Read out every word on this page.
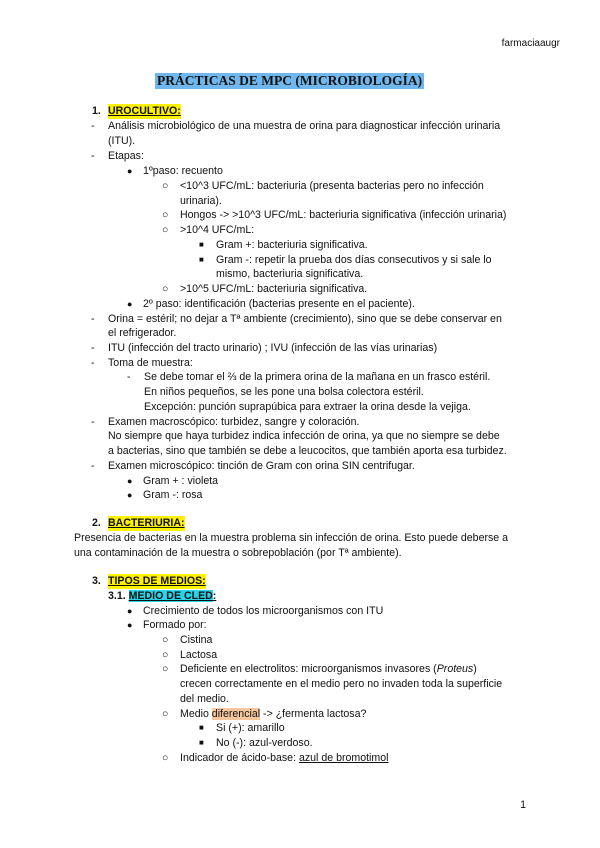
farmaciaaugr
PRÁCTICAS DE MPC (MICROBIOLOGÍA)
1. UROCULTIVO:
- Análisis microbiológico de una muestra de orina para diagnosticar infección urinaria
(ITU).
- Etapas:
● 1ºpaso: recuento
○ <10^3 UFC/mL: bacteriuria (presenta bacterias pero no infección
urinaria).
○ Hongos -> >10^3 UFC/mL: bacteriuria significativa (infección urinaria)
○ >10^4 UFC/mL:
■ Gram +: bacteriuria significativa.
■ Gram -: repetir la prueba dos días consecutivos y si sale lo
mismo, bacteriuria significativa.
○ >10^5 UFC/mL: bacteriuria significativa.
● 2º paso: identificación (bacterias presente en el paciente).
- Orina = estéril; no dejar a Tª ambiente (crecimiento), sino que se debe conservar en
el refrigerador.
- ITU (infección del tracto urinario) ; IVU (infección de las vías urinarias)
- Toma de muestra:
- Se debe tomar el ⅔ de la primera orina de la mañana en un frasco estéril.
En niños pequeños, se les pone una bolsa colectora estéril.
Excepción: punción suprapúbica para extraer la orina desde la vejiga.
- Examen macroscópico: turbidez, sangre y coloración.
No siempre que haya turbidez indica infección de orina, ya que no siempre se debe
a bacterias, sino que también se debe a leucocitos, que también aporta esa turbidez.
- Examen microscópico: tinción de Gram con orina SIN centrifugar.
● Gram + : violeta
● Gram -: rosa
2. BACTERIURIA:
Presencia de bacterias en la muestra problema sin infección de orina. Esto puede deberse a
una contaminación de la muestra o sobrepoblación (por Tª ambiente).
3. TIPOS DE MEDIOS:
3.1. MEDIO DE CLED:
● Crecimiento de todos los microorganismos con ITU
● Formado por:
○ Cistina
○ Lactosa
○ Deficiente en electrolitos: microorganismos invasores (Proteus)
crecen correctamente en el medio pero no invaden toda la superficie
del medio.
○ Medio diferencial -> ¿fermenta lactosa?
■ Si (+): amarillo
■ No (-): azul-verdoso.
○ Indicador de ácido-base: azul de bromotimol
1
